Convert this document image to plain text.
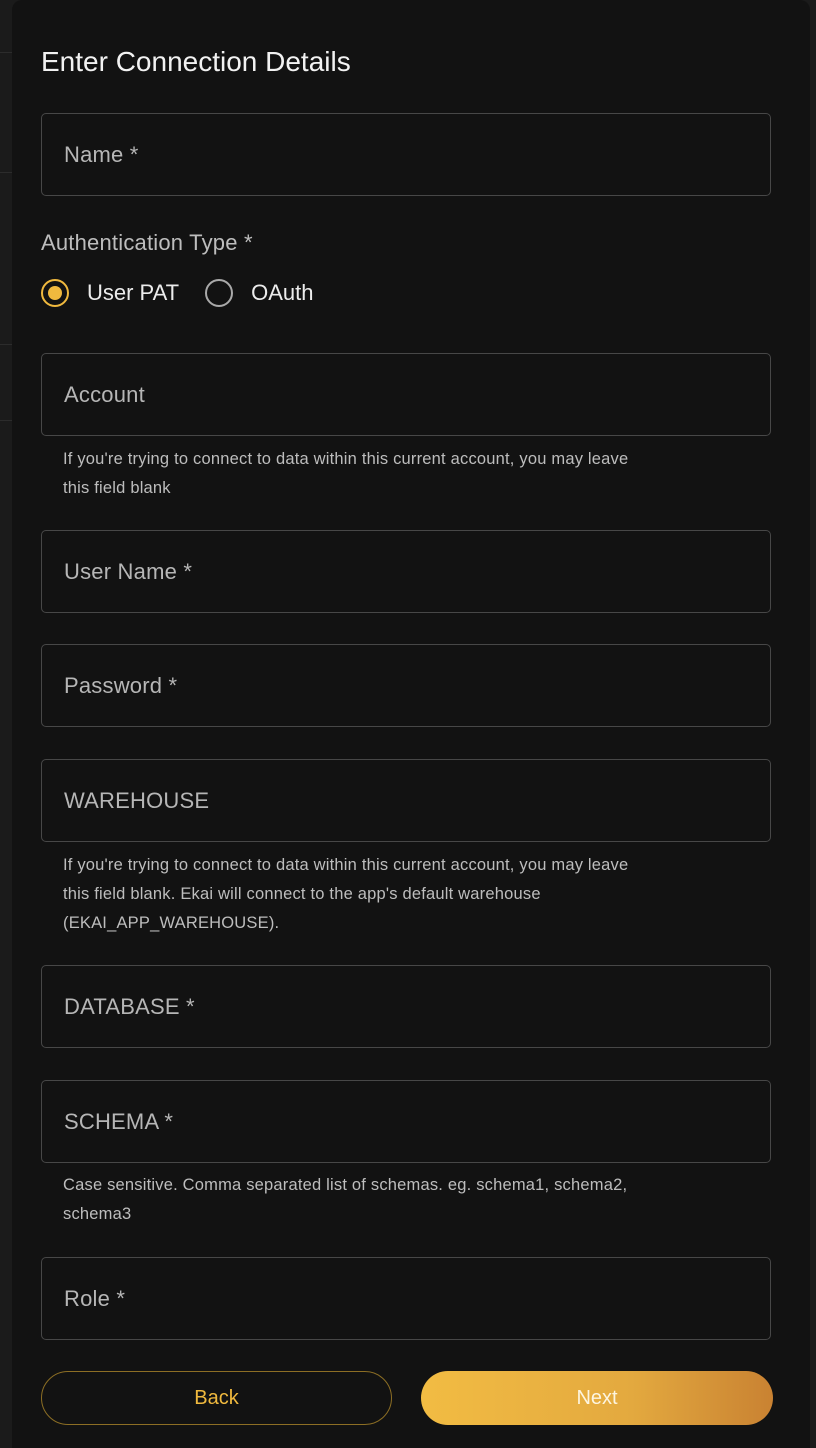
Enter Connection Details
Name *
Authentication Type *
User PAT	OAuth
Account
If you're trying to connect to data within this current account, you may leave
this field blank
User Name *
Password *
WAREHOUSE
If you're trying to connect to data within this current account, you may leave
this field blank. Ekai will connect to the app's default warehouse
(EKAI_APP_WAREHOUSE).
DATABASE *
SCHEMA *
Case sensitive. Comma separated list of schemas. eg. schema1, schema2,
schema3
Role *
Back	Next
